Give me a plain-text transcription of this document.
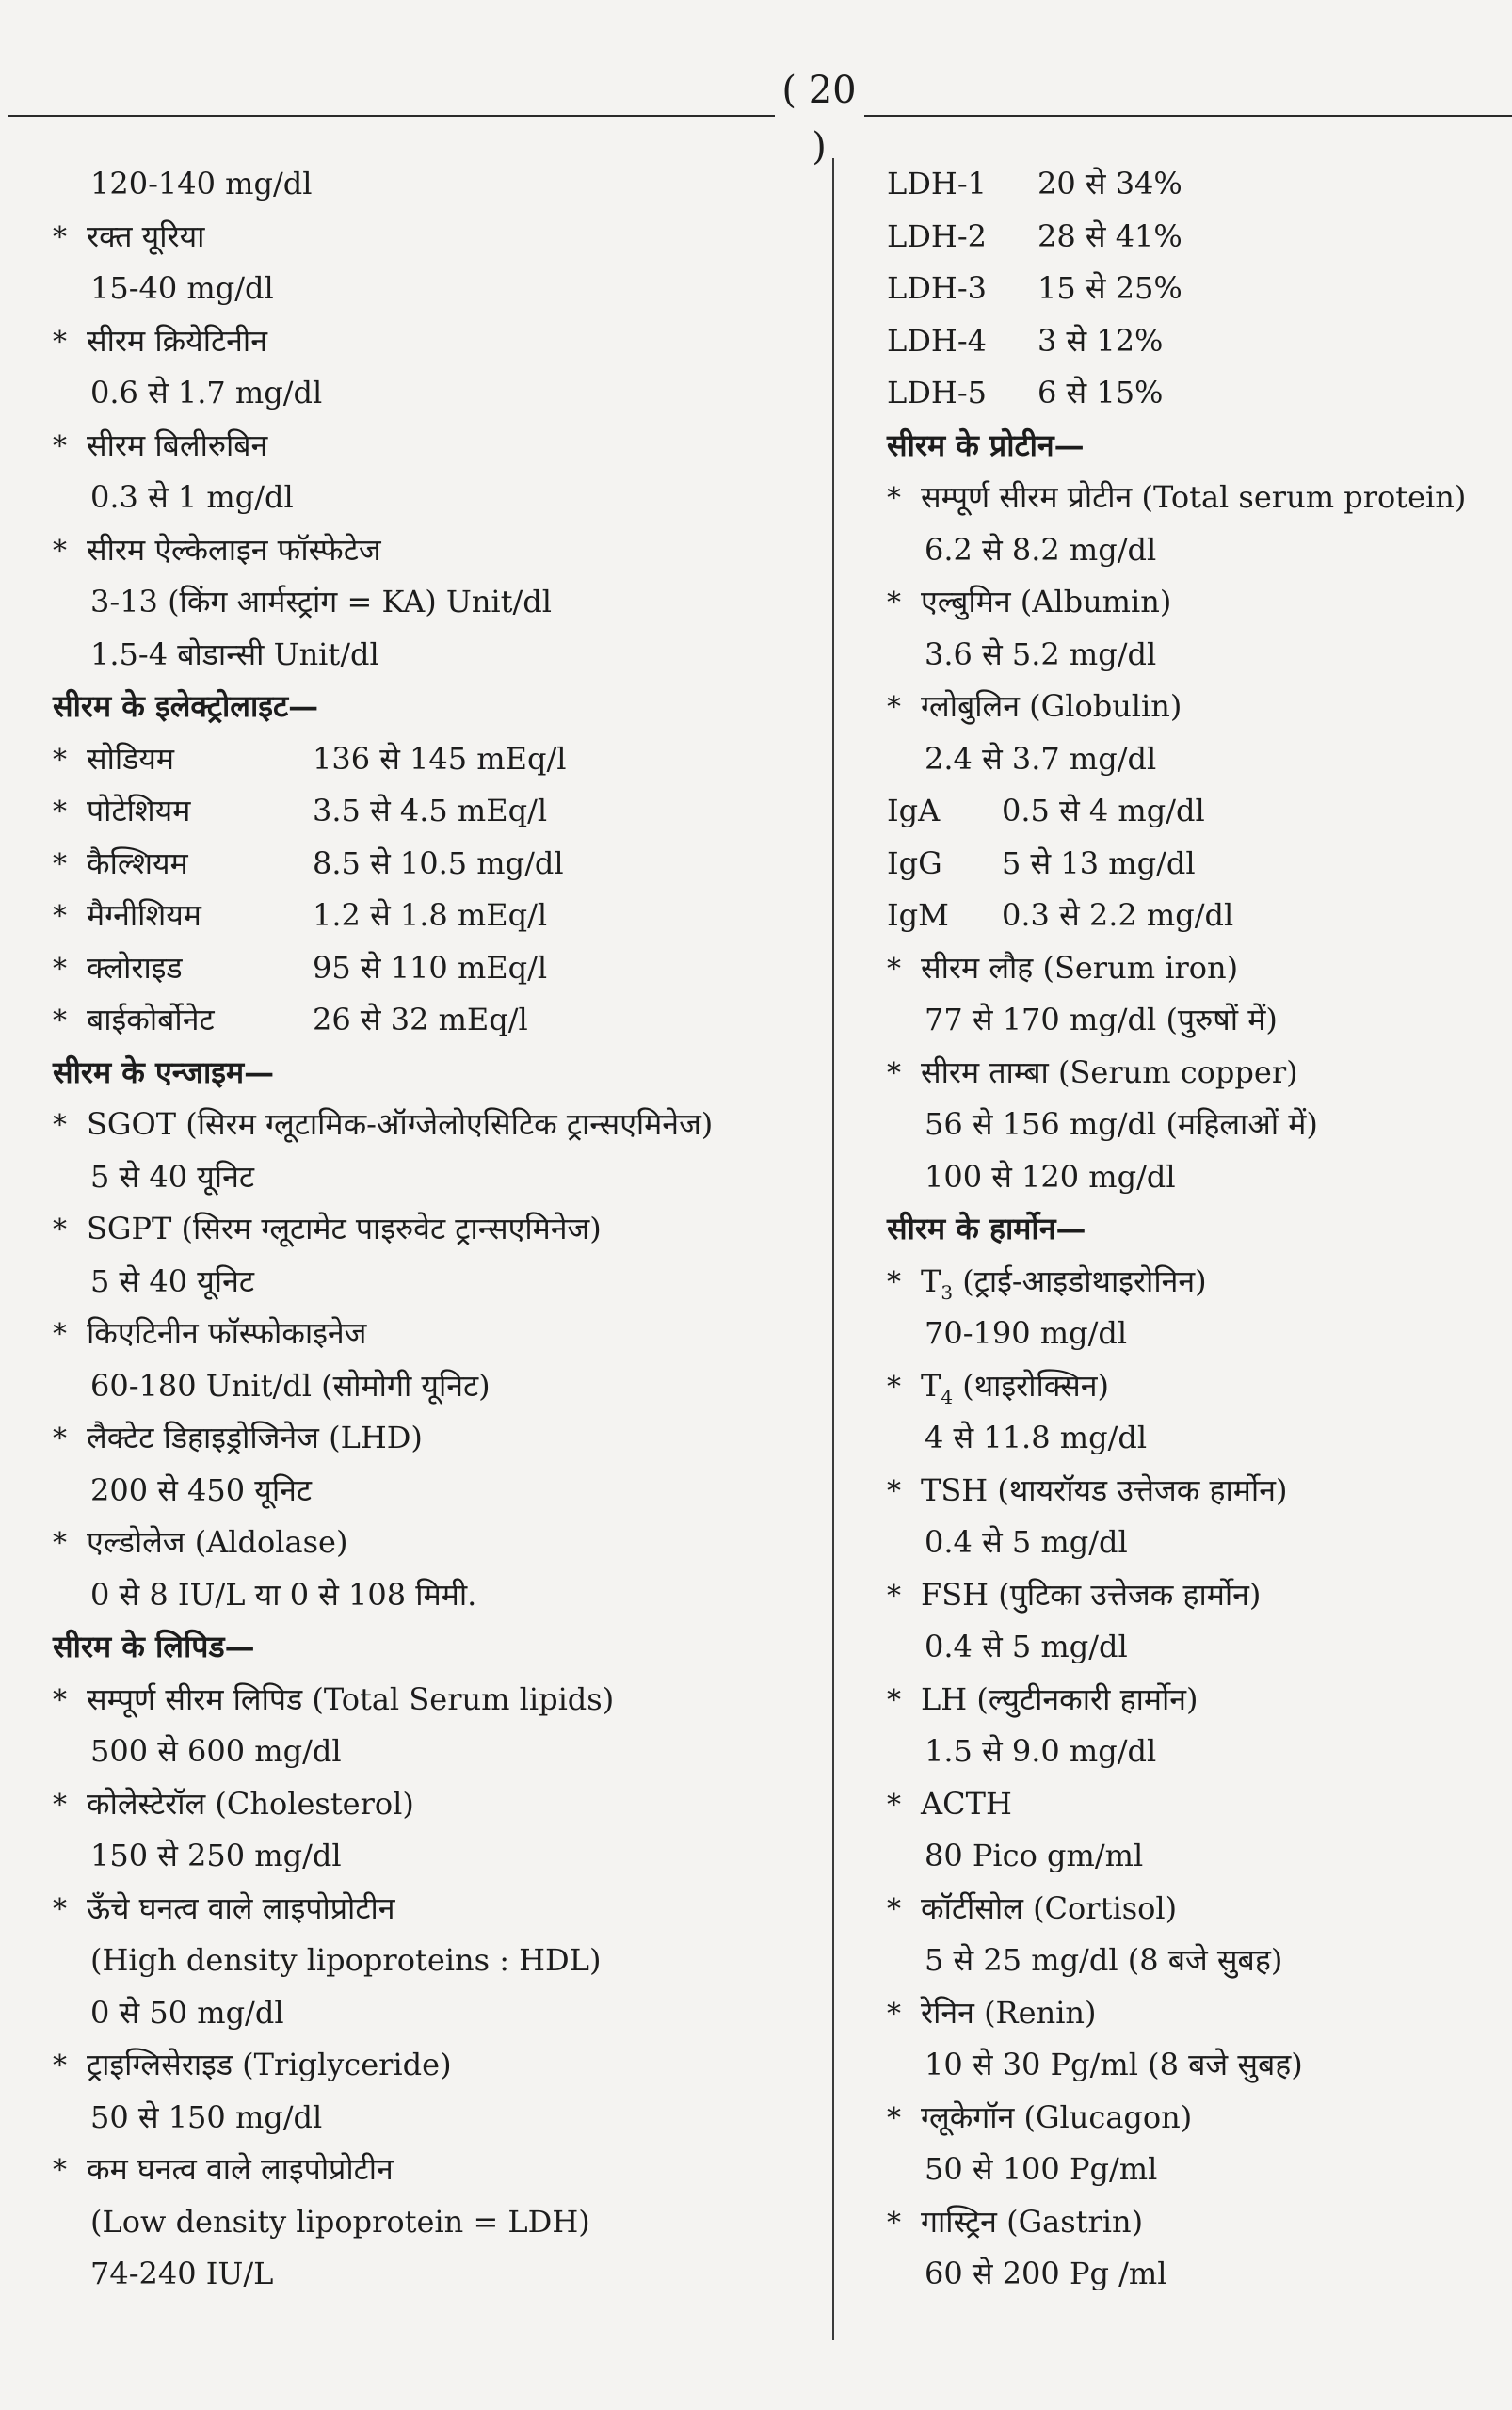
( 20 )
120-140 mg/dl
* रक्त यूरिया
15-40 mg/dl
* सीरम क्रियेटिनीन
0.6 से 1.7 mg/dl
* सीरम बिलीरुबिन
0.3 से 1 mg/dl
* सीरम ऐल्केलाइन फॉस्फेटेज
3-13 (किंग आर्मस्ट्रांग = KA) Unit/dl
1.5-4 बोडान्सी Unit/dl
सीरम के इलेक्ट्रोलाइट—
* सोडियम	136 से 145 mEq/l
* पोटेशियम	3.5 से 4.5 mEq/l
* कैल्शियम	8.5 से 10.5 mg/dl
* मैग्नीशियम	1.2 से 1.8 mEq/l
* क्लोराइड	95 से 110 mEq/l
* बाईकोर्बोनेट	26 से 32 mEq/l
सीरम के एन्जाइम—
* SGOT (सिरम ग्लूटामिक-ऑग्जेलोएसिटिक ट्रान्सएमिनेज)
5 से 40 यूनिट
* SGPT (सिरम ग्लूटामेट पाइरुवेट ट्रान्सएमिनेज)
5 से 40 यूनिट
* किएटिनीन फॉस्फोकाइनेज
60-180 Unit/dl (सोमोगी यूनिट)
* लैक्टेट डिहाइड्रोजिनेज (LHD)
200 से 450 यूनिट
* एल्डोलेज (Aldolase)
0 से 8 IU/L या 0 से 108 मिमी.
सीरम के लिपिड—
* सम्पूर्ण सीरम लिपिड (Total Serum lipids)
500 से 600 mg/dl
* कोलेस्टेरॉल (Cholesterol)
150 से 250 mg/dl
* ऊँचे घनत्व वाले लाइपोप्रोटीन
(High density lipoproteins : HDL)
0 से 50 mg/dl
* ट्राइग्लिसेराइड (Triglyceride)
50 से 150 mg/dl
* कम घनत्व वाले लाइपोप्रोटीन
(Low density lipoprotein = LDH)
74-240 IU/L
LDH-1 20 से 34%
LDH-2 28 से 41%
LDH-3 15 से 25%
LDH-4 3 से 12%
LDH-5 6 से 15%
सीरम के प्रोटीन—
* सम्पूर्ण सीरम प्रोटीन (Total serum protein)
6.2 से 8.2 mg/dl
* एल्बुमिन (Albumin)
3.6 से 5.2 mg/dl
* ग्लोबुलिन (Globulin)
2.4 से 3.7 mg/dl
IgA 0.5 से 4 mg/dl
IgG 5 से 13 mg/dl
IgM 0.3 से 2.2 mg/dl
* सीरम लौह (Serum iron)
77 से 170 mg/dl (पुरुषों में)
* सीरम ताम्बा (Serum copper)
56 से 156 mg/dl (महिलाओं में)
100 से 120 mg/dl
सीरम के हार्मोन—
* $T_3$ (ट्राई-आइडोथाइरोनिन)
70-190 mg/dl
* $T_4$ (थाइरोक्सिन)
4 से 11.8 mg/dl
* TSH (थायरॉयड उत्तेजक हार्मोन)
0.4 से 5 mg/dl
* FSH (पुटिका उत्तेजक हार्मोन)
0.4 से 5 mg/dl
* LH (ल्युटीनकारी हार्मोन)
1.5 से 9.0 mg/dl
* ACTH
80 Pico gm/ml
* कॉर्टीसोल (Cortisol)
5 से 25 mg/dl (8 बजे सुबह)
* रेनिन (Renin)
10 से 30 Pg/ml (8 बजे सुबह)
* ग्लूकेगॉन (Glucagon)
50 से 100 Pg/ml
* गास्ट्रिन (Gastrin)
60 से 200 Pg /ml
